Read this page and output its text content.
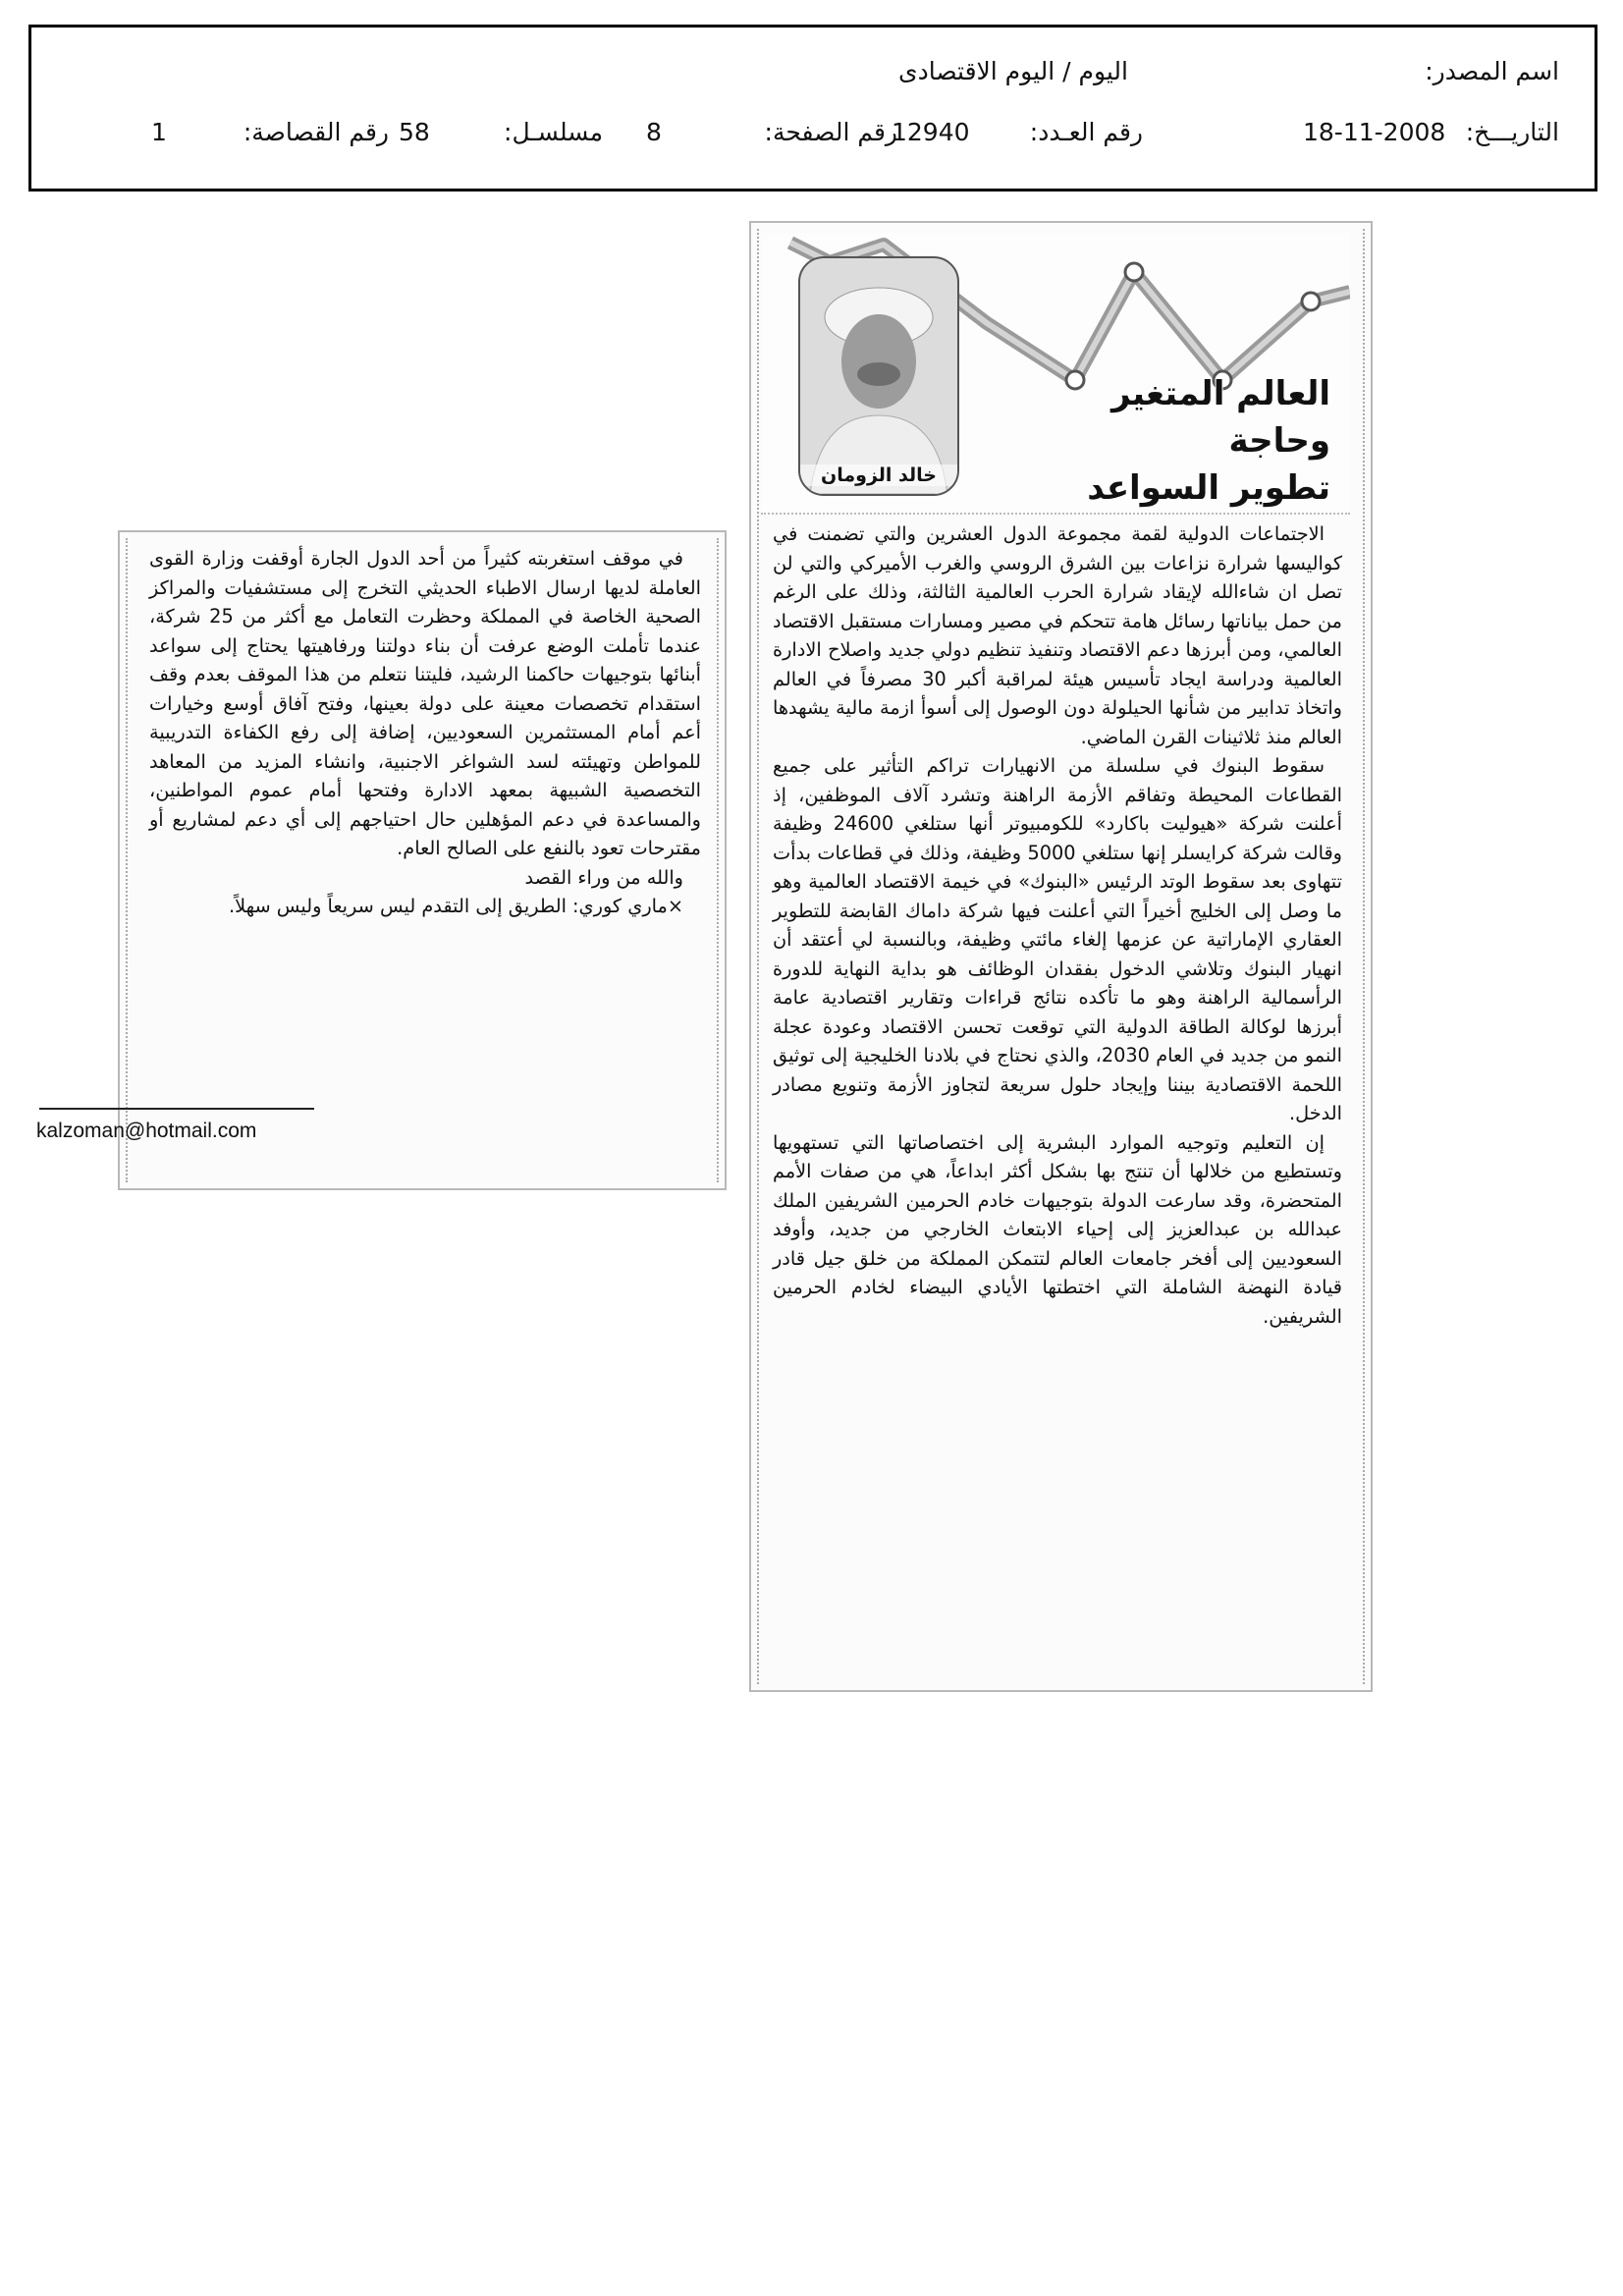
اسم المصدر:
اليوم / اليوم الاقتصادى
التاريـــخ:
18-11-2008
رقم العـدد:
12940
رقم الصفحة:
8
مسلسـل:
58
رقم القصاصة:
1
خالد الزومان
العالم المتغير وحاجة
تطوير السواعد

الاجتماعات الدولية لقمة مجموعة الدول العشرين والتي تضمنت في كواليسها شرارة نزاعات بين الشرق الروسي والغرب الأميركي والتي لن تصل ان شاءالله لإيقاد شرارة الحرب العالمية الثالثة، وذلك على الرغم من حمل بياناتها رسائل هامة تتحكم في مصير ومسارات مستقبل الاقتصاد العالمي، ومن أبرزها دعم الاقتصاد وتنفيذ تنظيم دولي جديد واصلاح الادارة العالمية ودراسة ايجاد تأسيس هيئة لمراقبة أكبر 30 مصرفاً في العالم واتخاذ تدابير من شأنها الحيلولة دون الوصول إلى أسوأ ازمة مالية يشهدها العالم منذ ثلاثينات القرن الماضي.

سقوط البنوك في سلسلة من الانهيارات تراكم التأثير على جميع القطاعات المحيطة وتفاقم الأزمة الراهنة وتشرد آلاف الموظفين، إذ أعلنت شركة «هيوليت باكارد» للكومبيوتر أنها ستلغي 24600 وظيفة وقالت شركة كرايسلر إنها ستلغي 5000 وظيفة، وذلك في قطاعات بدأت تتهاوى بعد سقوط الوتد الرئيس «البنوك» في خيمة الاقتصاد العالمية وهو ما وصل إلى الخليج أخيراً التي أعلنت فيها شركة داماك القابضة للتطوير العقاري الإماراتية عن عزمها إلغاء مائتي وظيفة، وبالنسبة لي أعتقد أن انهيار البنوك وتلاشي الدخول بفقدان الوظائف هو بداية النهاية للدورة الرأسمالية الراهنة وهو ما تأكده نتائج قراءات وتقارير اقتصادية عامة أبرزها لوكالة الطاقة الدولية التي توقعت تحسن الاقتصاد وعودة عجلة النمو من جديد في العام 2030، والذي نحتاج في بلادنا الخليجية إلى توثيق اللحمة الاقتصادية بيننا وإيجاد حلول سريعة لتجاوز الأزمة وتنويع مصادر الدخل.

إن التعليم وتوجيه الموارد البشرية إلى اختصاصاتها التي تستهويها وتستطيع من خلالها أن تنتج بها بشكل أكثر ابداعاً، هي من صفات الأمم المتحضرة، وقد سارعت الدولة بتوجيهات خادم الحرمين الشريفين الملك عبدالله بن عبدالعزيز إلى إحياء الابتعاث الخارجي من جديد، وأوفد السعوديين إلى أفخر جامعات العالم لتتمكن المملكة من خلق جيل قادر قيادة النهضة الشاملة التي اختطتها الأيادي البيضاء لخادم الحرمين الشريفين.

في موقف استغربته كثيراً من أحد الدول الجارة أوقفت وزارة القوى العاملة لديها ارسال الاطباء الحديثي التخرج إلى مستشفيات والمراكز الصحية الخاصة في المملكة وحظرت التعامل مع أكثر من 25 شركة، عندما تأملت الوضع عرفت أن بناء دولتنا ورفاهيتها يحتاج إلى سواعد أبنائها بتوجيهات حاكمنا الرشيد، فليتنا نتعلم من هذا الموقف بعدم وقف استقدام تخصصات معينة على دولة بعينها، وفتح آفاق أوسع وخيارات أعم أمام المستثمرين السعوديين، إضافة إلى رفع الكفاءة التدريبية للمواطن وتهيئته لسد الشواغر الاجنبية، وانشاء المزيد من المعاهد التخصصية الشبيهة بمعهد الادارة وفتحها أمام عموم المواطنين، والمساعدة في دعم المؤهلين حال احتياجهم إلى أي دعم لمشاريع أو مقترحات تعود بالنفع على الصالح العام.

والله من وراء القصد

×ماري كوري: الطريق إلى التقدم ليس سريعاً وليس سهلاً.

kalzoman@hotmail.com
